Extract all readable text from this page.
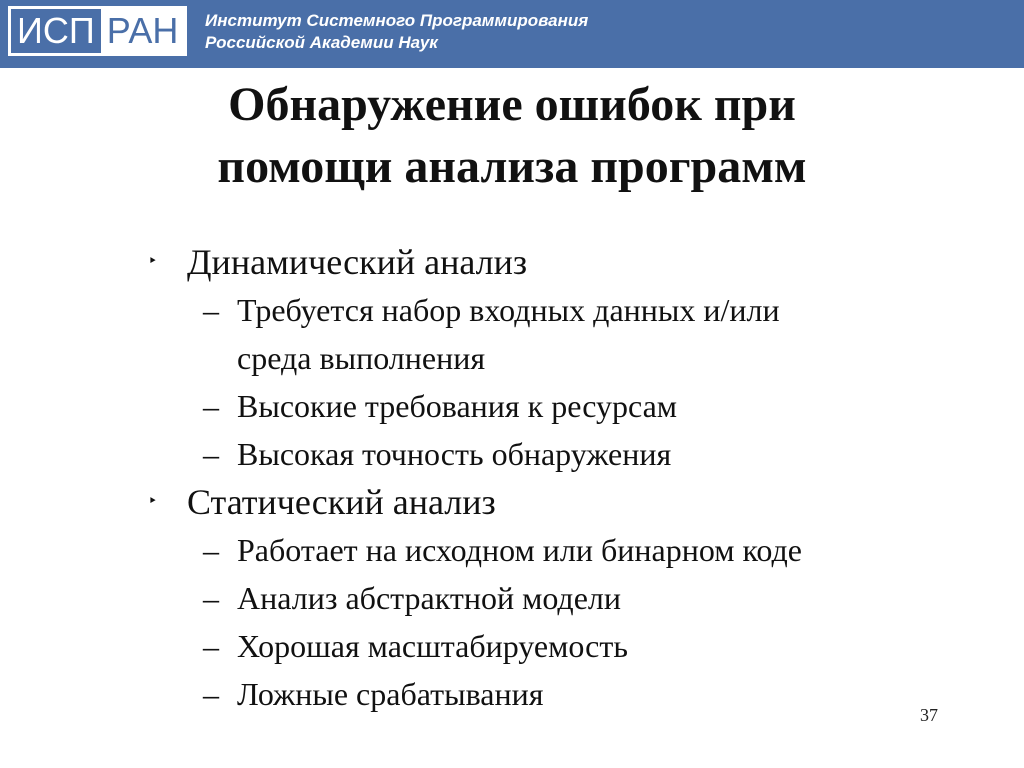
ИСП РАН	Институт Системного Программирования
Российской Академии Наук
Обнаружение ошибок при
помощи анализа программ
‣ Динамический анализ
– Требуется набор входных данных и/или
среда выполнения
– Высокие требования к ресурсам
– Высокая точность обнаружения
‣ Статический анализ
– Работает на исходном или бинарном коде
– Анализ абстрактной модели
– Хорошая масштабируемость
– Ложные срабатывания
37
